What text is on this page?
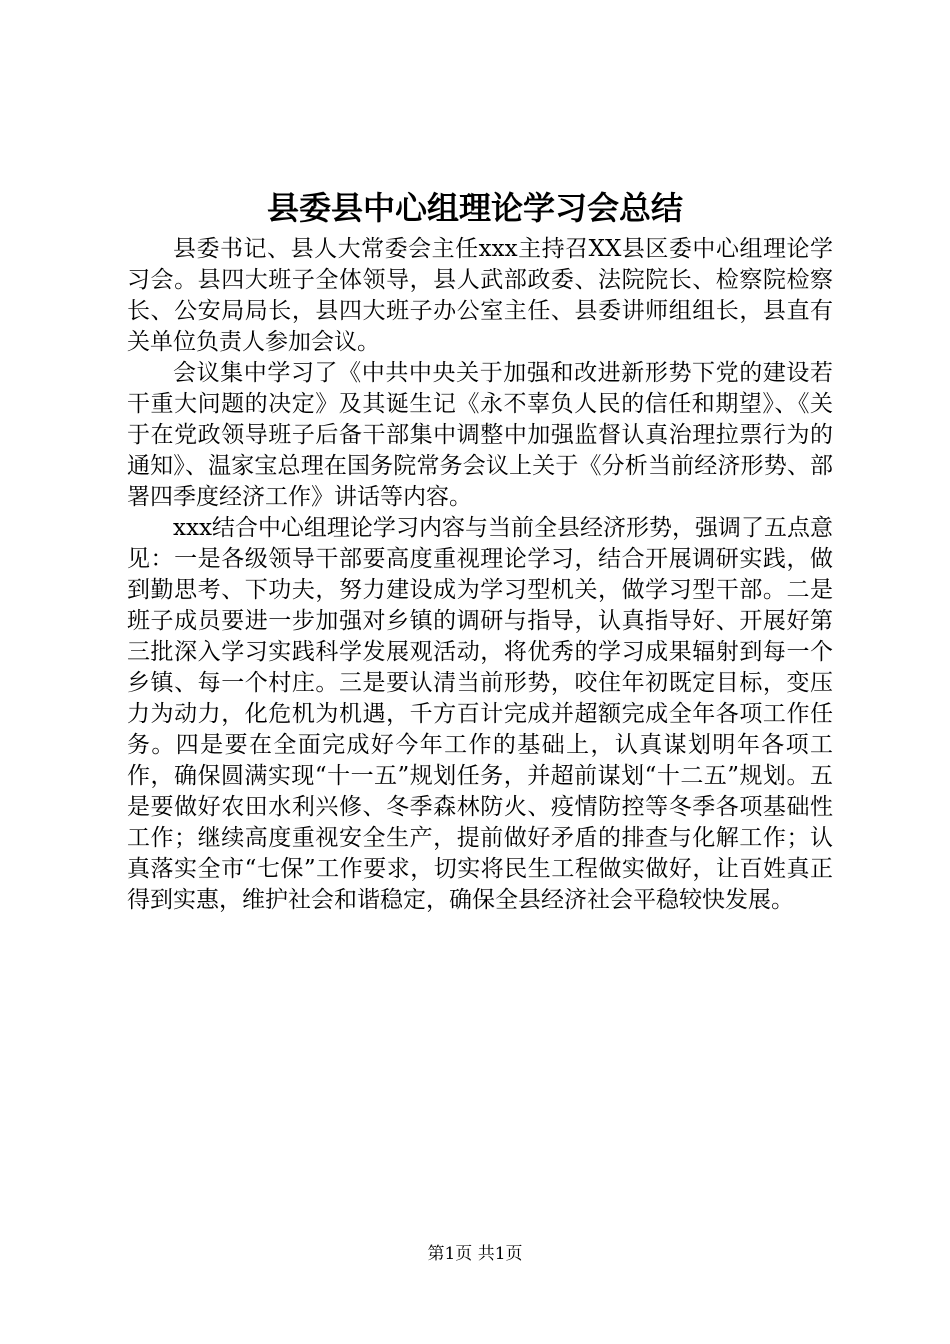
县委县中心组理论学习会总结

县委书记、县人大常委会主任xxx主持召XX县区委中心组理论学习会。县四大班子全体领导，县人武部政委、法院院长、检察院检察长、公安局局长，县四大班子办公室主任、县委讲师组组长，县直有关单位负责人参加会议。

会议集中学习了《中共中央关于加强和改进新形势下党的建设若干重大问题的决定》及其诞生记《永不辜负人民的信任和期望》、《关于在党政领导班子后备干部集中调整中加强监督认真治理拉票行为的通知》、温家宝总理在国务院常务会议上关于《分析当前经济形势、部署四季度经济工作》讲话等内容。

xxx结合中心组理论学习内容与当前全县经济形势，强调了五点意见：一是各级领导干部要高度重视理论学习，结合开展调研实践，做到勤思考、下功夫，努力建设成为学习型机关，做学习型干部。二是班子成员要进一步加强对乡镇的调研与指导，认真指导好、开展好第三批深入学习实践科学发展观活动，将优秀的学习成果辐射到每一个乡镇、每一个村庄。三是要认清当前形势，咬住年初既定目标，变压力为动力，化危机为机遇，千方百计完成并超额完成全年各项工作任务。四是要在全面完成好今年工作的基础上，认真谋划明年各项工作，确保圆满实现“十一五”规划任务，并超前谋划“十二五”规划。五是要做好农田水利兴修、冬季森林防火、疫情防控等冬季各项基础性工作；继续高度重视安全生产，提前做好矛盾的排查与化解工作；认真落实全市“七保”工作要求，切实将民生工程做实做好，让百姓真正得到实惠，维护社会和谐稳定，确保全县经济社会平稳较快发展。

第1页 共1页
